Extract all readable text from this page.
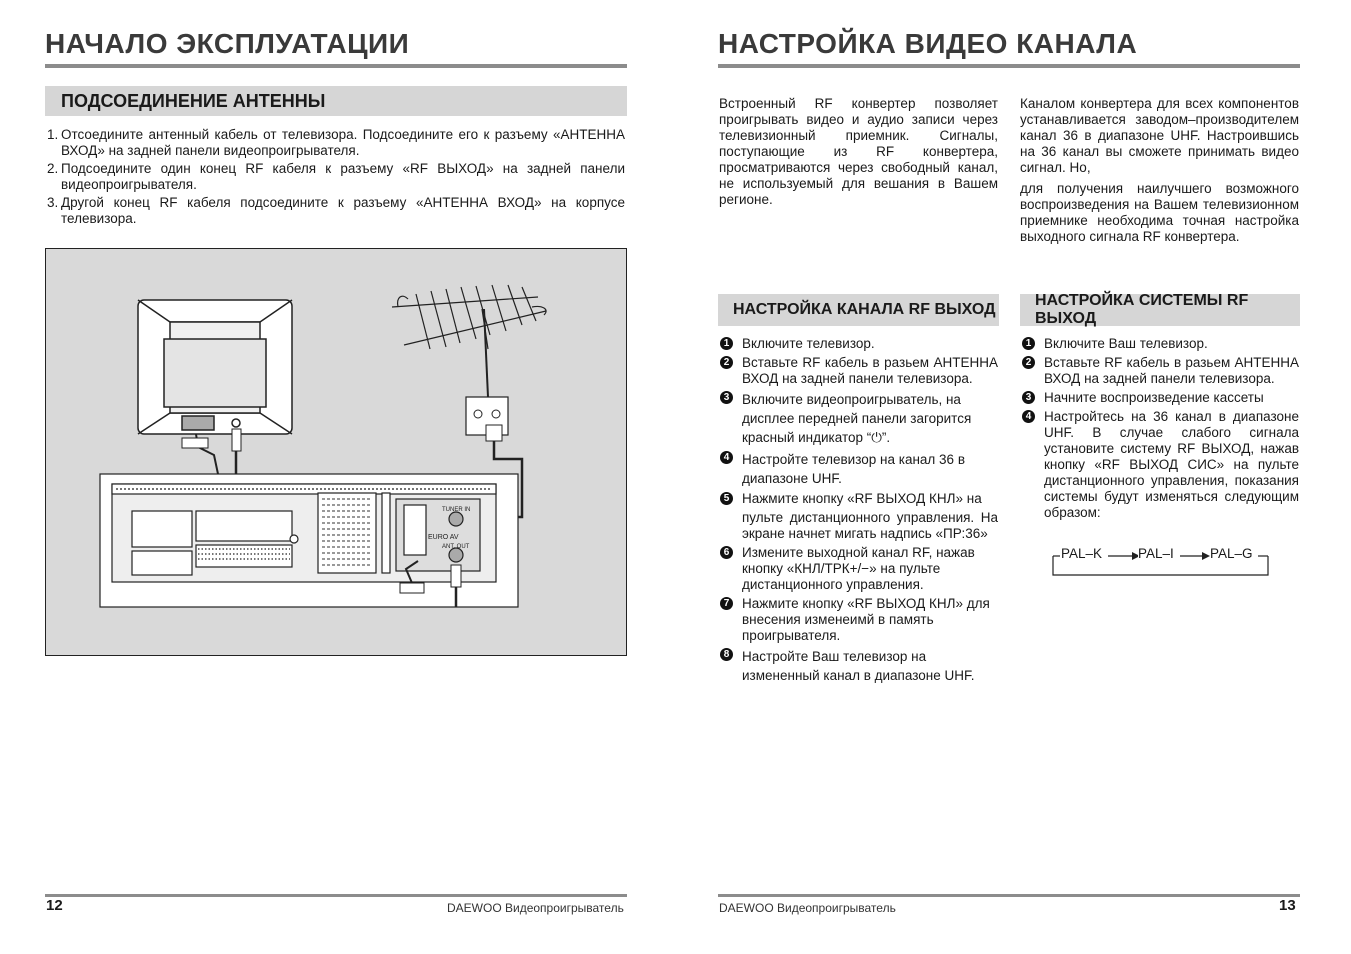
НАЧАЛО ЭКСПЛУАТАЦИИ
ПОДСОЕДИНЕНИЕ АНТЕННЫ
1. Отсоедините антенный кабель от телевизора. Подсоедините его к разъему «АНТЕННА ВХОД» на задней панели видеопроигрывателя.
2. Подсоедините один конец RF кабеля к разъему «RF ВЫХОД» на задней панели видеопроигрывателя.
3. Другой конец RF кабеля подсоедините к разъему «АНТЕННА ВХОД» на корпусе телевизора.
TUNER IN
EURO AV
ANT. OUT
12	DAEWOO Видеопроигрыватель
НАСТРОЙКА ВИДЕО КАНАЛА
Встроенный RF конвертер позволяет проигрывать видео и аудио записи через телевизионный приемник. Сигналы, поступающие из RF конвертера, просматриваются через свободный канал, не используемый для вешания в Вашем регионе.
Каналом конвертера для всех компонентов устанавливается заводом–производителем канал 36 в диапазоне UHF. Настроившись на 36 канал вы сможете принимать видео сигнал. Но,
для получения наилучшего возможного воспроизведения на Вашем телевизионном приемнике необходима точная настройка выходного сигнала RF конвертера.
НАСТРОЙКА КАНАЛА RF ВЫХОД
1 Включите телевизор.
2 Вставьте RF кабель в разьем АНТЕННА ВХОД на задней панели телевизора.
3 Включите видеопроигрыватель, на дисплее передней панели загорится красный индикатор “⏻”.
4 Настройте телевизор на канал 36 в диапазоне UHF.
5 Нажмите кнопку «RF ВЫХОД КНЛ» на
пульте дистанционного управления. На экране начнет мигать надпись «ПР:36»
6 Измените выходной канал RF, нажав кнопку «КНЛ/ТРК+/−» на пульте дистанционного управления.
7 Нажмите кнопку «RF ВЫХОД КНЛ» для внесения изменеимй в память проигрывателя.
8 Настройте Ваш телевизор на измененный канал в диапазоне UHF.
НАСТРОЙКА СИСТЕМЫ RF ВЫХОД
1 Включите Ваш телевизор.
2 Вставьте RF кабель в разьем АНТЕННА ВХОД на задней панели телевизора.
3 Начните воспроизведение кассеты
4 Настройтесь на 36 канал в диапазоне UHF. В случае слабого сигнала установите систему RF ВЫХОД, нажав кнопку «RF ВЫХОД СИС» на пульте дистанционного управления, показания системы будут изменяться следующим образом:
PAL–K	PAL–I	PAL–G
DAEWOO Видеопроигрыватель	13
